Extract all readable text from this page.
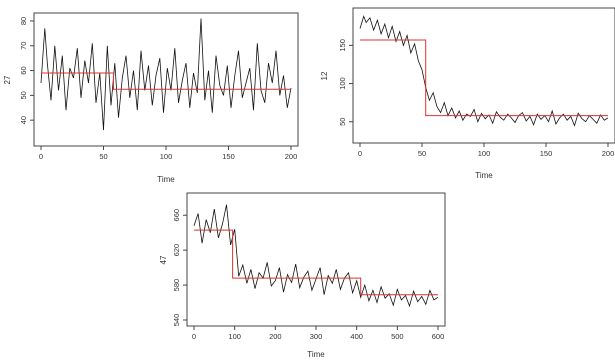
0	50	100	150	200
40
50
60
70
80
Time
27
0	50	100	150	200
50
100
150
Time
12
0	100	200	300	400	500	600
540
580
620
660
Time
47
